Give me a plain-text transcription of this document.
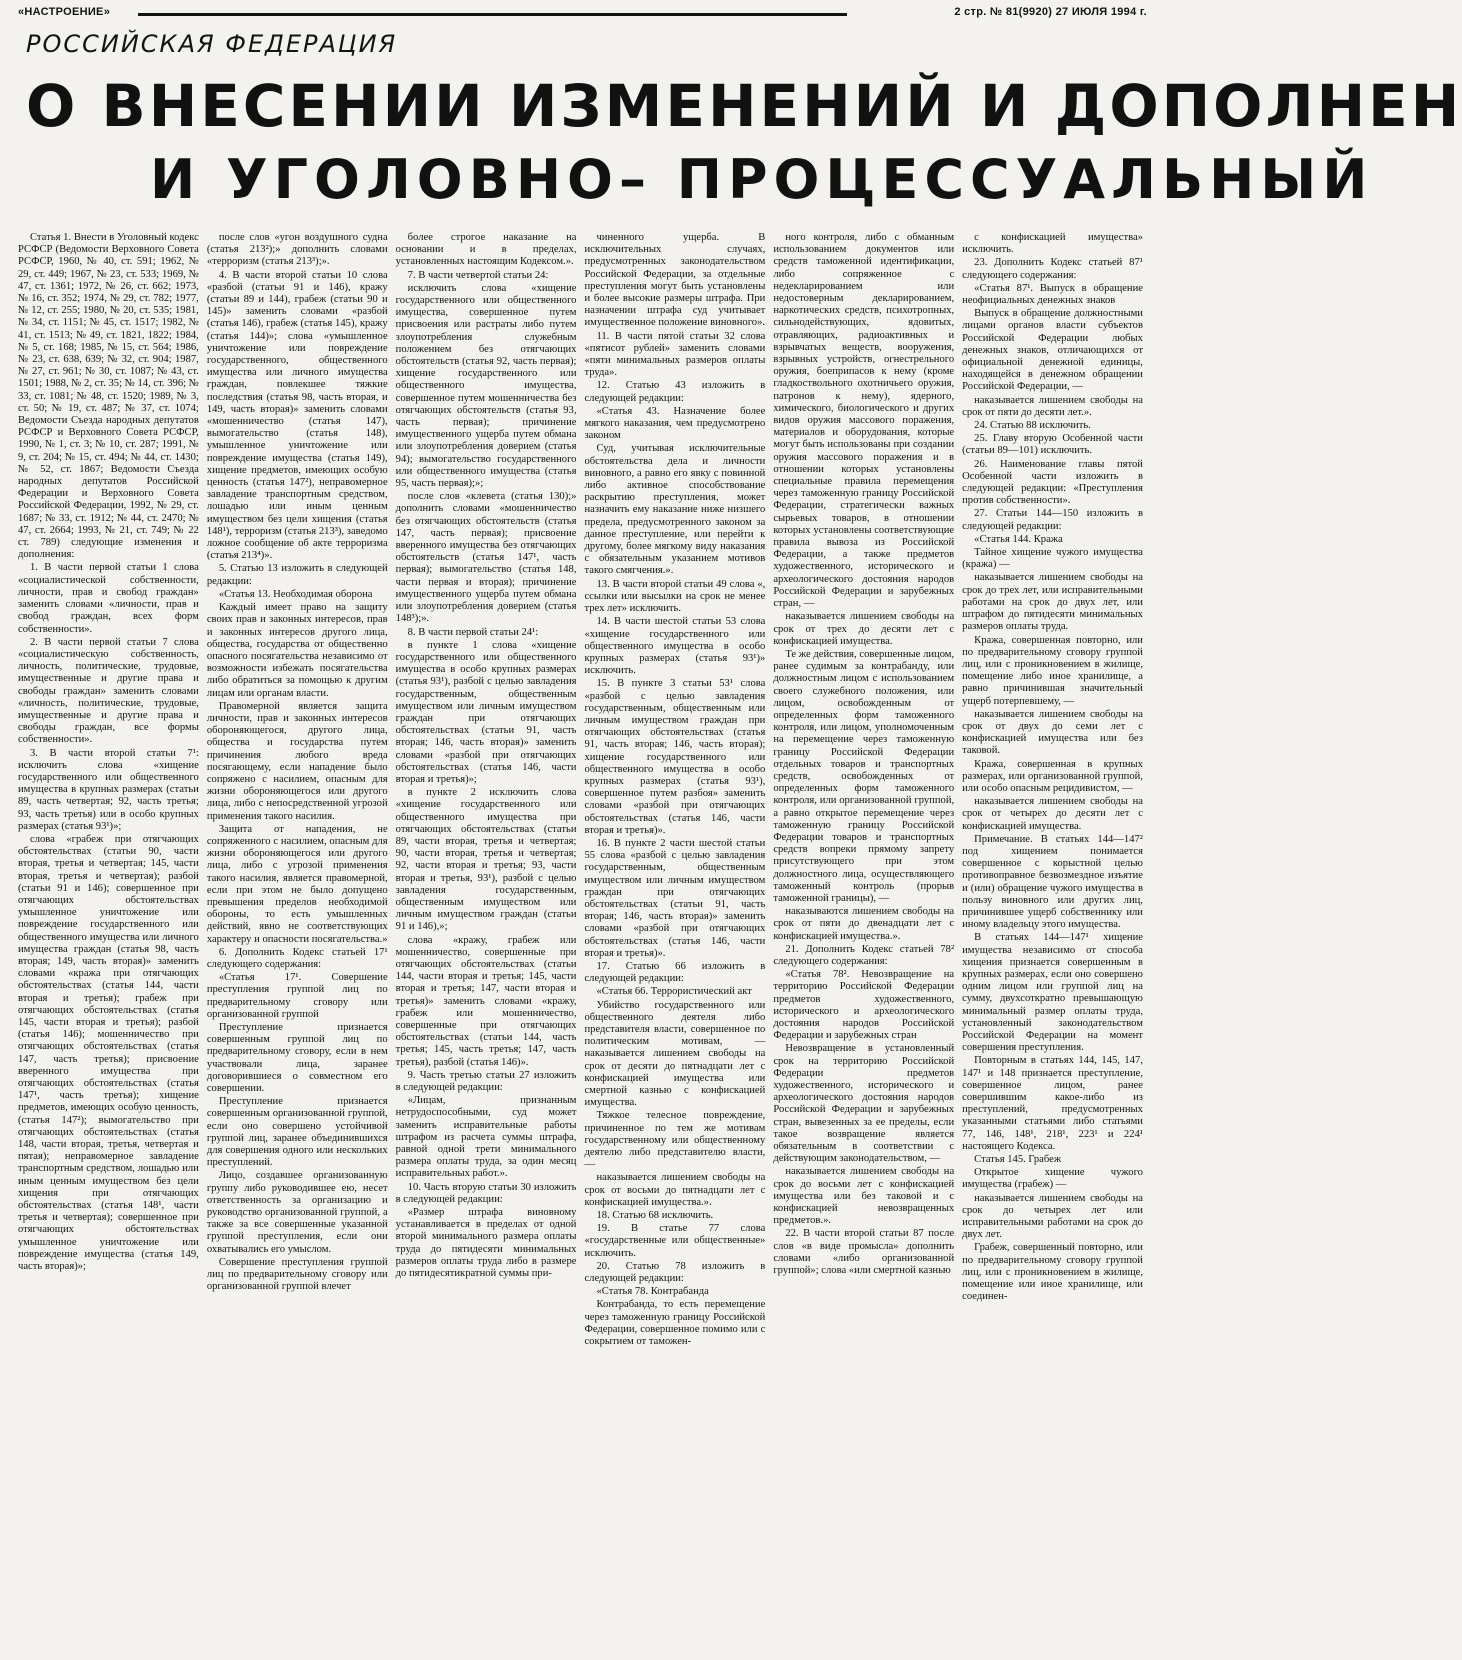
«НАСТРОЕНИЕ»	2 стр. № 81(9920) 27 ИЮЛЯ 1994 г.
РОССИЙСКАЯ ФЕДЕРАЦИЯ
О ВНЕСЕНИИ ИЗМЕНЕНИЙ И ДОПОЛНЕН
И УГОЛОВНО– ПРОЦЕССУАЛЬНЫЙ

Статья 1. Внести в Уголовный кодекс РСФСР (Ведомости Верховного Совета РСФСР, 1960, № 40, ст. 591; 1962, № 29, ст. 449; 1967, № 23, ст. 533; 1969, № 47, ст. 1361; 1972, № 26, ст. 662; 1973, № 16, ст. 352; 1974, № 29, ст. 782; 1977, № 12, ст. 255; 1980, № 20, ст. 535; 1981, № 34, ст. 1151; № 45, ст. 1517; 1982, № 41, ст. 1513; № 49, ст. 1821, 1822; 1984, № 5, ст. 168; 1985, № 15, ст. 564; 1986, № 23, ст. 638, 639; № 32, ст. 904; 1987, № 27, ст. 961; № 30, ст. 1087; № 43, ст. 1501; 1988, № 2, ст. 35; № 14, ст. 396; № 33, ст. 1081; № 48, ст. 1520; 1989, № 3, ст. 50; № 19, ст. 487; № 37, ст. 1074; Ведомости Съезда народных депутатов РСФСР и Верховного Совета РСФСР, 1990, № 1, ст. 3; № 10, ст. 287; 1991, № 9, ст. 204; № 15, ст. 494; № 44, ст. 1430; № 52, ст. 1867; Ведомости Съезда народных депутатов Российской Федерации и Верховного Совета Российской Федерации, 1992, № 29, ст. 1687; № 33, ст. 1912; № 44, ст. 2470; № 47, ст. 2664; 1993, № 21, ст. 749; № 22 ст. 789) следующие изменения и дополнения:

1. В части первой статьи 1 слова «социалистической собственности, личности, прав и свобод граждан» заменить словами «личности, прав и свобод граждан, всех форм собственности».

2. В части первой статьи 7 слова «социалистическую собственность, личность, политические, трудовые, имущественные и другие права и свободы граждан» заменить словами «личность, политические, трудовые, имущественные и другие права и свободы граждан, все формы собственности».

3. В части второй статьи 7¹: исключить слова «хищение государственного или общественного имущества в крупных размерах (статьи 89, часть четвертая; 92, часть третья; 93, часть третья) или в особо крупных размерах (статья 93¹)»;

слова «грабеж при отягчающих обстоятельствах (статьи 90, части вторая, третья и четвертая; 145, части вторая, третья и четвертая); разбой (статьи 91 и 146); совершенное при отягчающих обстоятельствах умышленное уничтожение или повреждение государственного или общественного имущества или личного имущества граждан (статья 98, часть вторая; 149, часть вторая)» заменить словами «кража при отягчающих обстоятельствах (статья 144, части вторая и третья); грабеж при отягчающих обстоятельствах (статья 145, части вторая и третья); разбой (статья 146); мошенничество при отягчающих обстоятельствах (статья 147, часть третья); присвоение вверенного имущества при отягчающих обстоятельствах (статья 147¹, часть третья); хищение предметов, имеющих особую ценность, (статья 147²); вымогательство при отягчающих обстоятельствах (статья 148, части вторая, третья, четвертая и пятая); неправомерное завладение транспортным средством, лошадью или иным ценным имуществом без цели хищения при отягчающих обстоятельствах (статья 148¹, части третья и четвертая); совершенное при отягчающих обстоятельствах умышленное уничтожение или повреждение имущества (статья 149, часть вторая)»;

после слов «угон воздушного судна (статья 213²);» дополнить словами «терроризм (статья 213³);».

4. В части второй статьи 10 слова «разбой (статьи 91 и 146), кражу (статьи 89 и 144), грабеж (статьи 90 и 145)» заменить словами «разбой (статья 146), грабеж (статья 145), кражу (статья 144)»; слова «умышленное уничтожение или повреждение государственного, общественного имущества или личного имущества граждан, повлекшее тяжкие последствия (статья 98, часть вторая, и 149, часть вторая)» заменить словами «мошенничество (статья 147), вымогательство (статья 148), умышленное уничтожение или повреждение имущества (статья 149), хищение предметов, имеющих особую ценность (статья 147²), неправомерное завладение транспортным средством, лошадью или иным ценным имуществом без цели хищения (статья 148¹), терроризм (статья 213³), заведомо ложное сообщение об акте терроризма (статья 213⁴)».

5. Статью 13 изложить в следующей редакции:

«Статья 13. Необходимая оборона

Каждый имеет право на защиту своих прав и законных интересов, прав и законных интересов другого лица, общества, государства от общественно опасного посягательства независимо от возможности избежать посягательства либо обратиться за помощью к другим лицам или органам власти.

Правомерной является защита личности, прав и законных интересов обороняющегося, другого лица, общества и государства путем причинения любого вреда посягающему, если нападение было сопряжено с насилием, опасным для жизни обороняющегося или другого лица, либо с непосредственной угрозой применения такого насилия.

Защита от нападения, не сопряженного с насилием, опасным для жизни обороняющегося или другого лица, либо с угрозой применения такого насилия, является правомерной, если при этом не было допущено превышения пределов необходимой обороны, то есть умышленных действий, явно не соответствующих характеру и опасности посягательства.»

6. Дополнить Кодекс статьей 17¹ следующего содержания:

«Статья 17¹. Совершение преступления группой лиц по предварительному сговору или организованной группой

Преступление признается совершенным группой лиц по предварительному сговору, если в нем участвовали лица, заранее договорившиеся о совместном его совершении.

Преступление признается совершенным организованной группой, если оно совершено устойчивой группой лиц, заранее объединившихся для совершения одного или нескольких преступлений.

Лицо, создавшее организованную группу либо руководившее ею, несет ответственность за организацию и руководство организованной группой, а также за все совершенные указанной группой преступления, если они охватывались его умыслом.

Совершение преступления группой лиц по предварительному сговору или организованной группой влечет

более строгое наказание на основании и в пределах, установленных настоящим Кодексом.».

7. В части четвертой статьи 24:

исключить слова «хищение государственного или общественного имущества, совершенное путем присвоения или растраты либо путем злоупотребления служебным положением без отягчающих обстоятельств (статья 92, часть первая); хищение государственного или общественного имущества, совершенное путем мошенничества без отягчающих обстоятельств (статья 93, часть первая); причинение имущественного ущерба путем обмана или злоупотребления доверием (статья 94); вымогательство государственного или общественного имущества (статья 95, часть первая);»;

после слов «клевета (статья 130);» дополнить словами «мошенничество без отягчающих обстоятельств (статья 147, часть первая); присвоение вверенного имущества без отягчающих обстоятельств (статья 147¹, часть первая); вымогательство (статья 148, части первая и вторая); причинение имущественного ущерба путем обмана или злоупотребления доверием (статья 148³);».

8. В части первой статьи 24¹:

в пункте 1 слова «хищение государственного или общественного имущества в особо крупных размерах (статья 93¹), разбой с целью завладения государственным, общественным имуществом или личным имуществом граждан при отягчающих обстоятельствах (статьи 91, часть вторая; 146, часть вторая)» заменить словами «разбой при отягчающих обстоятельствах (статья 146, части вторая и третья)»;

в пункте 2 исключить слова «хищение государственного или общественного имущества при отягчающих обстоятельствах (статьи 89, части вторая, третья и четвертая; 90, части вторая, третья и четвертая; 92, части вторая и третья; 93, части вторая и третья, 93¹), разбой с целью завладения государственным, общественным имуществом или личным имуществом граждан (статьи 91 и 146),»;

слова «кражу, грабеж или мошенничество, совершенные при отягчающих обстоятельствах (статьи 144, части вторая и третья; 145, части вторая и третья; 147, части вторая и третья)» заменить словами «кражу, грабеж или мошенничество, совершенные при отягчающих обстоятельствах (статьи 144, часть третья; 145, часть третья; 147, часть третья), разбой (статья 146)».

9. Часть третью статьи 27 изложить в следующей редакции:

«Лицам, признанным нетрудоспособными, суд может заменить исправительные работы штрафом из расчета суммы штрафа, равной одной трети минимального размера оплаты труда, за один месяц исправительных работ.».

10. Часть вторую статьи 30 изложить в следующей редакции:

«Размер штрафа виновному устанавливается в пределах от одной второй минимального размера оплаты труда до пятидесяти минимальных размеров оплаты труда либо в размере до пятидесятикратной суммы при-

чиненного ущерба. В исключительных случаях, предусмотренных законодательством Российской Федерации, за отдельные преступления могут быть установлены и более высокие размеры штрафа. При назначении штрафа суд учитывает имущественное положение виновного».

11. В части пятой статьи 32 слова «пятисот рублей» заменить словами «пяти минимальных размеров оплаты труда».

12. Статью 43 изложить в следующей редакции:

«Статья 43. Назначение более мягкого наказания, чем предусмотрено законом

Суд, учитывая исключительные обстоятельства дела и личности виновного, а равно его явку с повинной либо активное способствование раскрытию преступления, может назначить ему наказание ниже низшего предела, предусмотренного законом за данное преступление, или перейти к другому, более мягкому виду наказания с обязательным указанием мотивов такого смягчения.».

13. В части второй статьи 49 слова «, ссылки или высылки на срок не менее трех лет» исключить.

14. В части шестой статьи 53 слова «хищение государственного или общественного имущества в особо крупных размерах (статья 93¹)» исключить.

15. В пункте 3 статьи 53¹ слова «разбой с целью завладения государственным, общественным или личным имуществом граждан при отягчающих обстоятельствах (статья 91, часть вторая; 146, часть вторая); хищение государственного или общественного имущества в особо крупных размерах (статья 93¹), совершенное путем разбоя» заменить словами «разбой при отягчающих обстоятельствах (статья 146, части вторая и третья)».

16. В пункте 2 части шестой статьи 55 слова «разбой с целью завладения государственным, общественным имуществом или личным имуществом граждан при отягчающих обстоятельствах (статьи 91, часть вторая; 146, часть вторая)» заменить словами «разбой при отягчающих обстоятельствах (статья 146, части вторая и третья)».

17. Статью 66 изложить в следующей редакции:

«Статья 66. Террористический акт

Убийство государственного или общественного деятеля либо представителя власти, совершенное по политическим мотивам, — наказывается лишением свободы на срок от десяти до пятнадцати лет с конфискацией имущества или смертной казнью с конфискацией имущества.

Тяжкое телесное повреждение, причиненное по тем же мотивам государственному или общественному деятелю либо представителю власти, —

наказывается лишением свободы на срок от восьми до пятнадцати лет с конфискацией имущества.».

18. Статью 68 исключить.

19. В статье 77 слова «государственные или общественные» исключить.

20. Статью 78 изложить в следующей редакции:

«Статья 78. Контрабанда

Контрабанда, то есть перемещение через таможенную границу Российской Федерации, совершенное помимо или с сокрытием от таможен-

ного контроля, либо с обманным использованием документов или средств таможенной идентификации, либо сопряженное с недекларированием или недостоверным декларированием, наркотических средств, психотропных, сильнодействующих, ядовитых, отравляющих, радиоактивных и взрывчатых веществ, вооружения, взрывных устройств, огнестрельного оружия, боеприпасов к нему (кроме гладкоствольного охотничьего оружия, патронов к нему), ядерного, химического, биологического и других видов оружия массового поражения, материалов и оборудования, которые могут быть использованы при создании оружия массового поражения и в отношении которых установлены специальные правила перемещения через таможенную границу Российской Федерации, стратегически важных сырьевых товаров, в отношении которых установлены соответствующие правила вывоза из Российской Федерации, а также предметов художественного, исторического и археологического достояния народов Российской Федерации и зарубежных стран, —

наказывается лишением свободы на срок от трех до десяти лет с конфискацией имущества.

Те же действия, совершенные лицом, ранее судимым за контрабанду, или должностным лицом с использованием своего служебного положения, или лицом, освобожденным от определенных форм таможенного контроля, или лицом, уполномоченным на перемещение через таможенную границу Российской Федерации отдельных товаров и транспортных средств, освобожденных от определенных форм таможенного контроля, или организованной группой, а равно открытое перемещение через таможенную границу Российской Федерации товаров и транспортных средств вопреки прямому запрету присутствующего при этом должностного лица, осуществляющего таможенный контроль (прорыв таможенной границы), —

наказываются лишением свободы на срок от пяти до двенадцати лет с конфискацией имущества.».

21. Дополнить Кодекс статьей 78² следующего содержания:

«Статья 78². Невозвращение на территорию Российской Федерации предметов художественного, исторического и археологического достояния народов Российской Федерации и зарубежных стран

Невозвращение в установленный срок на территорию Российской Федерации предметов художественного, исторического и археологического достояния народов Российской Федерации и зарубежных стран, вывезенных за ее пределы, если такое возвращение является обязательным в соответствии с действующим законодательством, —

наказывается лишением свободы на срок до восьми лет с конфискацией имущества или без таковой и с конфискацией невозвращенных предметов.».

22. В части второй статьи 87 после слов «в виде промысла» дополнить словами «либо организованной группой»; слова «или смертной казнью

с конфискацией имущества» исключить.

23. Дополнить Кодекс статьей 87¹ следующего содержания:

«Статья 87¹. Выпуск в обращение неофициальных денежных знаков

Выпуск в обращение должностными лицами органов власти субъектов Российской Федерации любых денежных знаков, отличающихся от официальной денежной единицы, находящейся в денежном обращении Российской Федерации, —

наказывается лишением свободы на срок от пяти до десяти лет.».

24. Статью 88 исключить.

25. Главу вторую Особенной части (статьи 89—101) исключить.

26. Наименование главы пятой Особенной части изложить в следующей редакции: «Преступления против собственности».

27. Статьи 144—150 изложить в следующей редакции:

«Статья 144. Кража

Тайное хищение чужого имущества (кража) —

наказывается лишением свободы на срок до трех лет, или исправительными работами на срок до двух лет, или штрафом до пятидесяти минимальных размеров оплаты труда.

Кража, совершенная повторно, или по предварительному сговору группой лиц, или с проникновением в жилище, помещение либо иное хранилище, а равно причинившая значительный ущерб потерпевшему, —

наказывается лишением свободы на срок от двух до семи лет с конфискацией имущества или без таковой.

Кража, совершенная в крупных размерах, или организованной группой, или особо опасным рецидивистом, —

наказывается лишением свободы на срок от четырех до десяти лет с конфискацией имущества.

Примечание. В статьях 144—147² под хищением понимается совершенное с корыстной целью противоправное безвозмездное изъятие и (или) обращение чужого имущества в пользу виновного или других лиц, причинившее ущерб собственнику или иному владельцу этого имущества.

В статьях 144—147¹ хищение имущества независимо от способа хищения признается совершенным в крупных размерах, если оно совершено одним лицом или группой лиц на сумму, двухсоткратно превышающую минимальный размер оплаты труда, установленный законодательством Российской Федерации на момент совершения преступления.

Повторным в статьях 144, 145, 147, 147¹ и 148 признается преступление, совершенное лицом, ранее совершившим какое-либо из преступлений, предусмотренных указанными статьями либо статьями 77, 146, 148¹, 218¹, 223¹ и 224¹ настоящего Кодекса.

Статья 145. Грабеж

Открытое хищение чужого имущества (грабеж) —

наказывается лишением свободы на срок до четырех лет или исправительными работами на срок до двух лет.

Грабеж, совершенный повторно, или по предварительному сговору группой лиц, или с проникновением в жилище, помещение или иное хранилище, или соединен-
